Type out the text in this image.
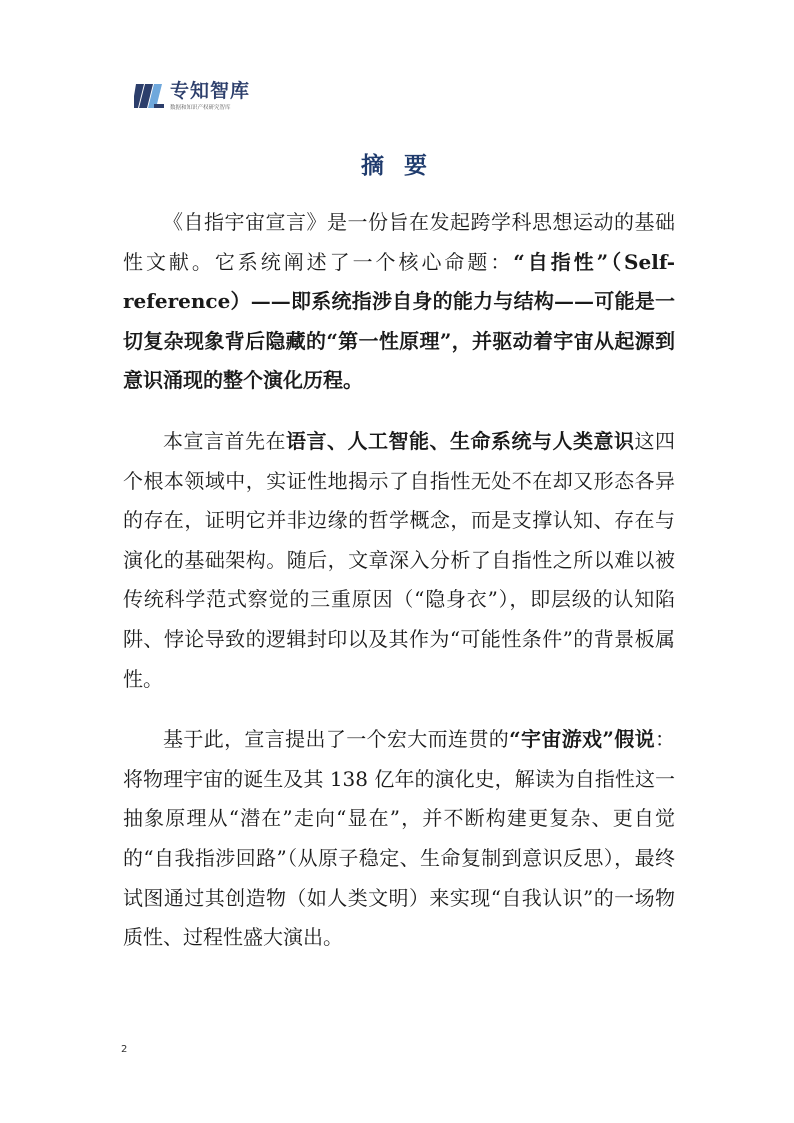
专知智库
数据和知识产权研究智库
摘 要

《自指宇宙宣言》是一份旨在发起跨学科思想运动的基础性文献。它系统阐述了一个核心命题：“自指性”（Self-reference）——即系统指涉自身的能力与结构——可能是一切复杂现象背后隐藏的“第一性原理”，并驱动着宇宙从起源到意识涌现的整个演化历程。

本宣言首先在语言、人工智能、生命系统与人类意识这四个根本领域中，实证性地揭示了自指性无处不在却又形态各异的存在，证明它并非边缘的哲学概念，而是支撑认知、存在与演化的基础架构。随后，文章深入分析了自指性之所以难以被传统科学范式察觉的三重原因（“隐身衣”），即层级的认知陷阱、悖论导致的逻辑封印以及其作为“可能性条件”的背景板属性。

基于此，宣言提出了一个宏大而连贯的“宇宙游戏”假说：将物理宇宙的诞生及其 138 亿年的演化史，解读为自指性这一抽象原理从“潜在”走向“显在”，并不断构建更复杂、更自觉的“自我指涉回路”（从原子稳定、生命复制到意识反思），最终试图通过其创造物（如人类文明）来实现“自我认识”的一场物质性、过程性盛大演出。

2
